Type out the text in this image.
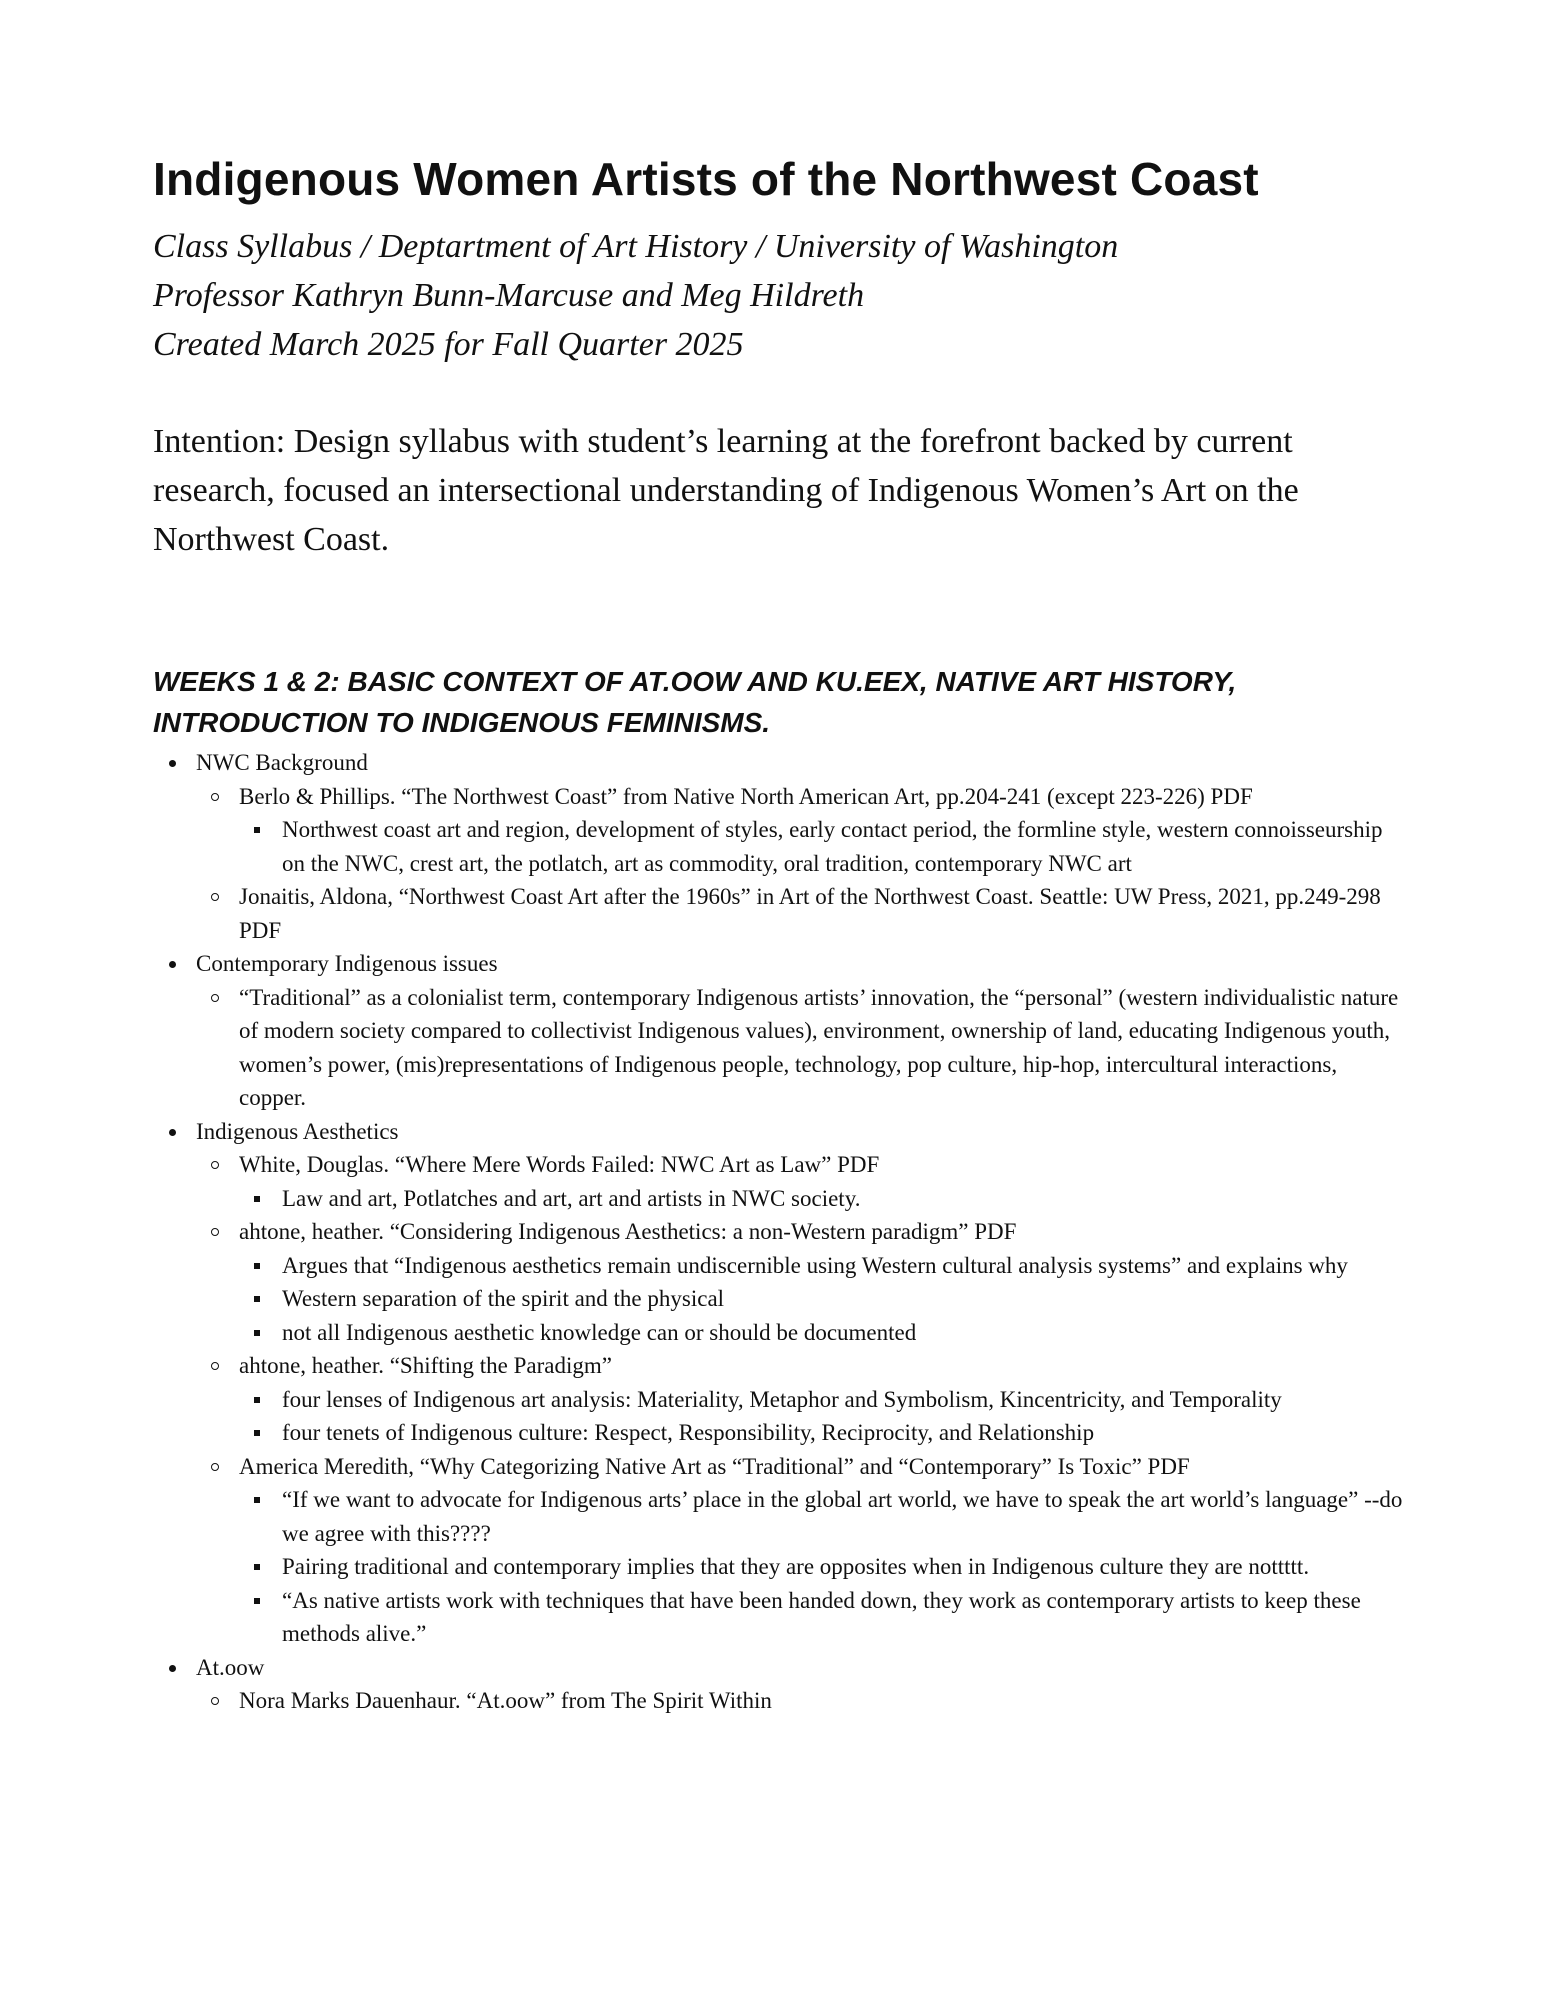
Indigenous Women Artists of the Northwest Coast
Class Syllabus / Deptartment of Art History / University of Washington
Professor Kathryn Bunn-Marcuse and Meg Hildreth
Created March 2025 for Fall Quarter 2025

Intention: Design syllabus with student’s learning at the forefront backed by current research, focused an intersectional understanding of Indigenous Women’s Art on the Northwest Coast.

WEEKS 1 & 2: BASIC CONTEXT OF AT.OOW AND KU.EEX, NATIVE ART HISTORY, INTRODUCTION TO INDIGENOUS FEMINISMS.
NWC Background
Berlo & Phillips. “The Northwest Coast” from Native North American Art, pp.204-241 (except 223-226) PDF
Northwest coast art and region, development of styles, early contact period, the formline style, western connoisseurship on the NWC, crest art, the potlatch, art as commodity, oral tradition, contemporary NWC art
Jonaitis, Aldona, “Northwest Coast Art after the 1960s” in Art of the Northwest Coast. Seattle: UW Press, 2021, pp.249-298 PDF
Contemporary Indigenous issues
“Traditional” as a colonialist term, contemporary Indigenous artists’ innovation, the “personal” (western individualistic nature of modern society compared to collectivist Indigenous values), environment, ownership of land, educating Indigenous youth, women’s power, (mis)representations of Indigenous people, technology, pop culture, hip-hop, intercultural interactions, copper.
Indigenous Aesthetics
White, Douglas. “Where Mere Words Failed: NWC Art as Law” PDF
Law and art, Potlatches and art, art and artists in NWC society.
ahtone, heather. “Considering Indigenous Aesthetics: a non-Western paradigm” PDF
Argues that “Indigenous aesthetics remain undiscernible using Western cultural analysis systems” and explains why
Western separation of the spirit and the physical
not all Indigenous aesthetic knowledge can or should be documented
ahtone, heather. “Shifting the Paradigm”
four lenses of Indigenous art analysis: Materiality, Metaphor and Symbolism, Kincentricity, and Temporality
four tenets of Indigenous culture: Respect, Responsibility, Reciprocity, and Relationship
America Meredith, “Why Categorizing Native Art as “Traditional” and “Contemporary” Is Toxic” PDF
“If we want to advocate for Indigenous arts’ place in the global art world, we have to speak the art world’s language” --do we agree with this????
Pairing traditional and contemporary implies that they are opposites when in Indigenous culture they are nottttt.
“As native artists work with techniques that have been handed down, they work as contemporary artists to keep these methods alive.”
At.oow
Nora Marks Dauenhaur. “At.oow” from The Spirit Within
